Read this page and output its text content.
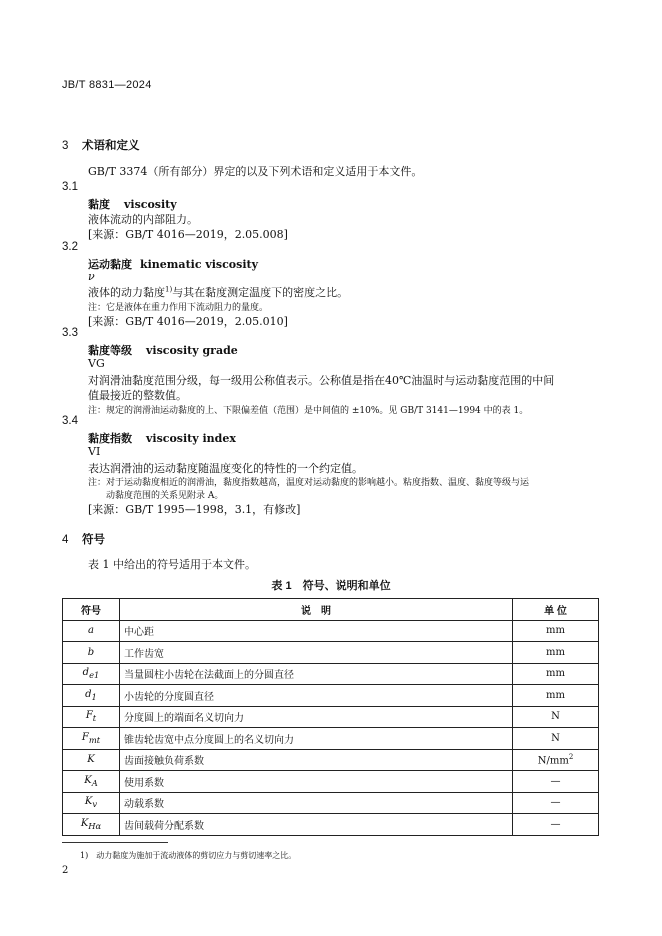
JB/T 8831—2024
3 术语和定义
GB/T 3374（所有部分）界定的以及下列术语和定义适用于本文件。
3.1
黏度 viscosity
液体流动的内部阻力。
[来源：GB/T 4016—2019，2.05.008]
3.2
运动黏度 kinematic viscosity
ν
液体的动力黏度$^{1)}$与其在黏度测定温度下的密度之比。
注：它是液体在重力作用下流动阻力的量度。
[来源：GB/T 4016—2019，2.05.010]
3.3
黏度等级 viscosity grade
VG
对润滑油黏度范围分级，每一级用公称值表示。公称值是指在40℃油温时与运动黏度范围的中间
值最接近的整数值。
注：规定的润滑油运动黏度的上、下限偏差值（范围）是中间值的 ±10%。见 GB/T 3141—1994 中的表 1。
3.4
黏度指数 viscosity index
VI
表达润滑油的运动黏度随温度变化的特性的一个约定值。
注：对于运动黏度相近的润滑油，黏度指数越高，温度对运动黏度的影响越小。粘度指数、温度、黏度等级与运
动黏度范围的关系见附录 A。
[来源：GB/T 1995—1998，3.1，有修改]
4 符号
表 1 中给出的符号适用于本文件。
表 1　符号、说明和单位
符号	说　明	单 位
a	中心距	mm
b	工作齿宽	mm
$d_{e1}$	当量圆柱小齿轮在法截面上的分圆直径	mm
$d_1$	小齿轮的分度圆直径	mm
$F_t$	分度圆上的端面名义切向力	N
$F_{mt}$	锥齿轮齿宽中点分度圆上的名义切向力	N
K	齿面接触负荷系数	$N/mm^2$
$K_A$	使用系数	—
$K_v$	动载系数	—
$K_{H\alpha}$	齿间载荷分配系数	—
1)　动力黏度为施加于流动液体的剪切应力与剪切速率之比。
2
